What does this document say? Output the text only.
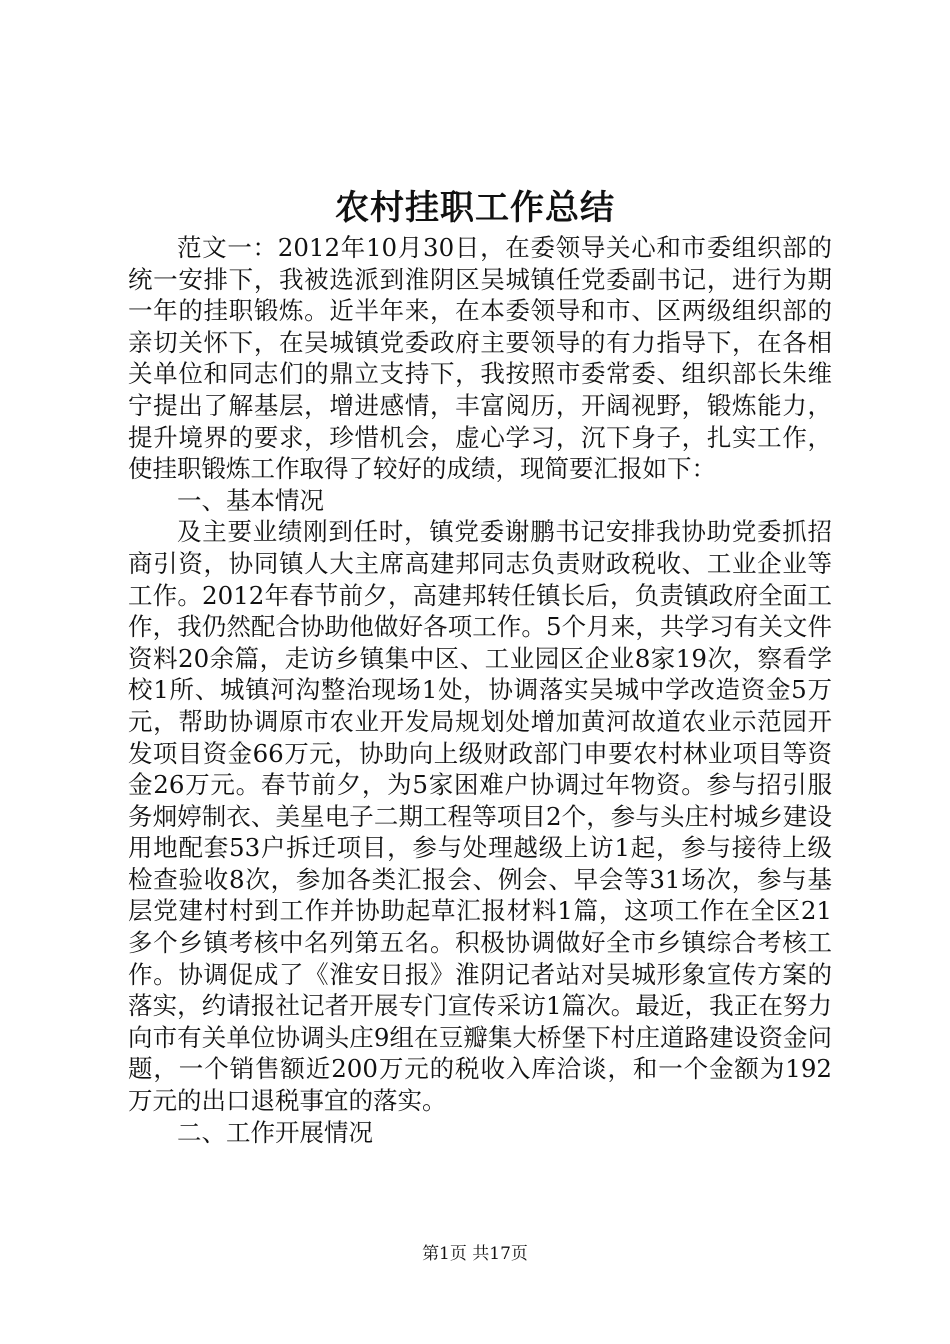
农村挂职工作总结

范文一：2012年10月30日，在委领导关心和市委组织部的统一安排下，我被选派到淮阴区吴城镇任党委副书记，进行为期一年的挂职锻炼。近半年来，在本委领导和市、区两级组织部的亲切关怀下，在吴城镇党委政府主要领导的有力指导下，在各相关单位和同志们的鼎立支持下，我按照市委常委、组织部长朱维宁提出了解基层，增进感情，丰富阅历，开阔视野，锻炼能力，提升境界的要求，珍惜机会，虚心学习，沉下身子，扎实工作，使挂职锻炼工作取得了较好的成绩，现简要汇报如下：

一、基本情况

及主要业绩刚到任时，镇党委谢鹏书记安排我协助党委抓招商引资，协同镇人大主席高建邦同志负责财政税收、工业企业等工作。2012年春节前夕，高建邦转任镇长后，负责镇政府全面工作，我仍然配合协助他做好各项工作。5个月来，共学习有关文件资料20余篇，走访乡镇集中区、工业园区企业8家19次，察看学校1所、城镇河沟整治现场1处，协调落实吴城中学改造资金5万元，帮助协调原市农业开发局规划处增加黄河故道农业示范园开发项目资金66万元，协助向上级财政部门申要农村林业项目等资金26万元。春节前夕，为5家困难户协调过年物资。参与招引服务炯婷制衣、美星电子二期工程等项目2个，参与头庄村城乡建设用地配套53户拆迁项目，参与处理越级上访1起，参与接待上级检查验收8次，参加各类汇报会、例会、早会等31场次，参与基层党建村村到工作并协助起草汇报材料1篇，这项工作在全区21多个乡镇考核中名列第五名。积极协调做好全市乡镇综合考核工作。协调促成了《淮安日报》淮阴记者站对吴城形象宣传方案的落实，约请报社记者开展专门宣传采访1篇次。最近，我正在努力向市有关单位协调头庄9组在豆瓣集大桥堡下村庄道路建设资金问题，一个销售额近200万元的税收入库洽谈，和一个金额为192万元的出口退税事宜的落实。

二、工作开展情况

第1页 共17页
